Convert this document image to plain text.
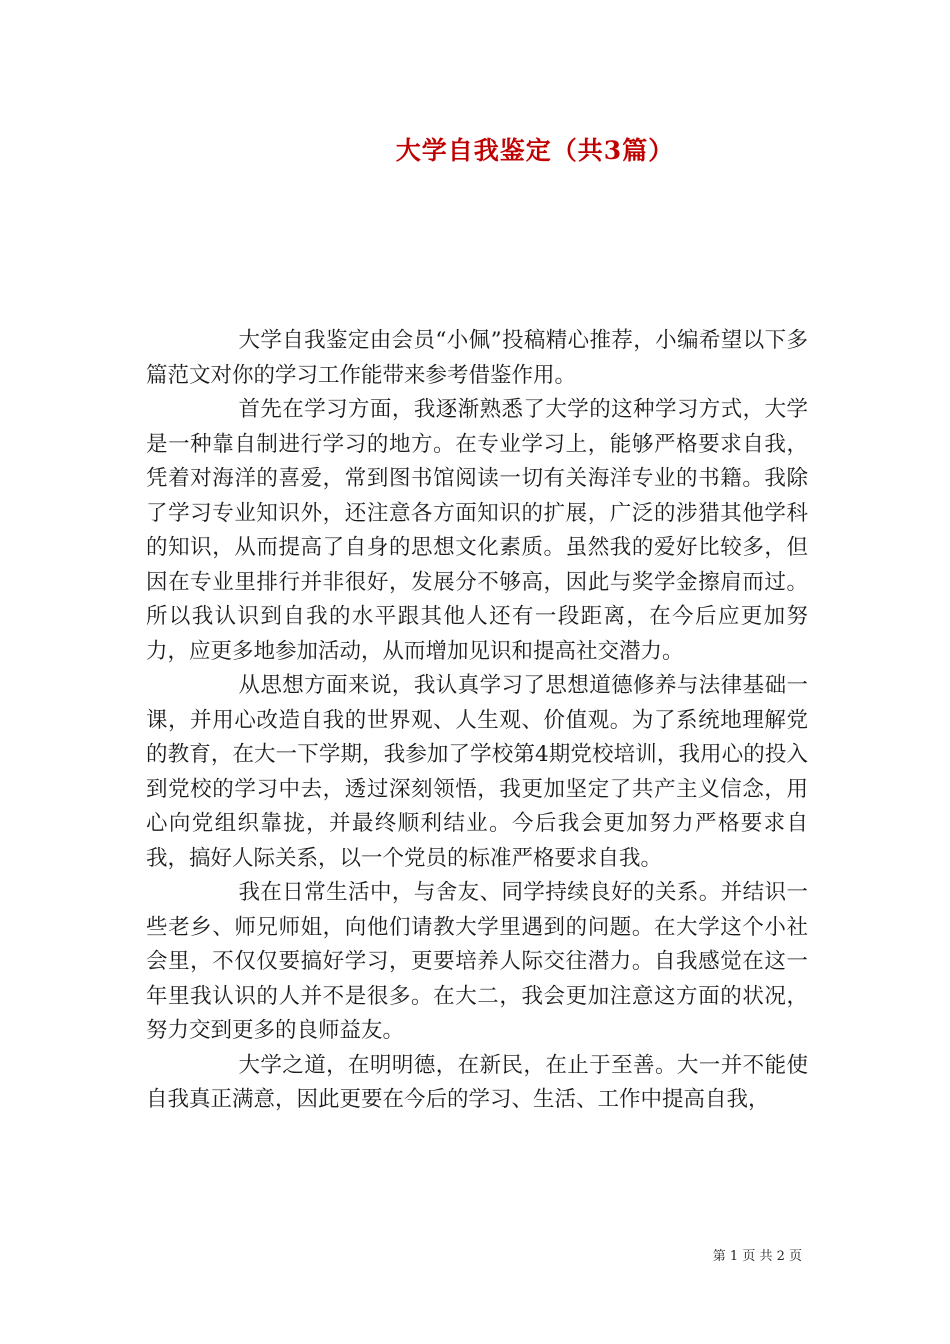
大学自我鉴定（共3篇）

大学自我鉴定由会员“小佩”投稿精心推荐，小编希望以下多篇范文对你的学习工作能带来参考借鉴作用。

首先在学习方面，我逐渐熟悉了大学的这种学习方式，大学是一种靠自制进行学习的地方。在专业学习上，能够严格要求自我，凭着对海洋的喜爱，常到图书馆阅读一切有关海洋专业的书籍。我除了学习专业知识外，还注意各方面知识的扩展，广泛的涉猎其他学科的知识，从而提高了自身的思想文化素质。虽然我的爱好比较多，但因在专业里排行并非很好，发展分不够高，因此与奖学金擦肩而过。所以我认识到自我的水平跟其他人还有一段距离，在今后应更加努力，应更多地参加活动，从而增加见识和提高社交潜力。

从思想方面来说，我认真学习了思想道德修养与法律基础一课，并用心改造自我的世界观、人生观、价值观。为了系统地理解党的教育，在大一下学期，我参加了学校第4期党校培训，我用心的投入到党校的学习中去，透过深刻领悟，我更加坚定了共产主义信念，用心向党组织靠拢，并最终顺利结业。今后我会更加努力严格要求自我，搞好人际关系，以一个党员的标准严格要求自我。

我在日常生活中，与舍友、同学持续良好的关系。并结识一些老乡、师兄师姐，向他们请教大学里遇到的问题。在大学这个小社会里，不仅仅要搞好学习，更要培养人际交往潜力。自我感觉在这一年里我认识的人并不是很多。在大二，我会更加注意这方面的状况，努力交到更多的良师益友。

大学之道，在明明德，在新民，在止于至善。大一并不能使自我真正满意，因此更要在今后的学习、生活、工作中提高自我，

第 1 页 共 2 页
